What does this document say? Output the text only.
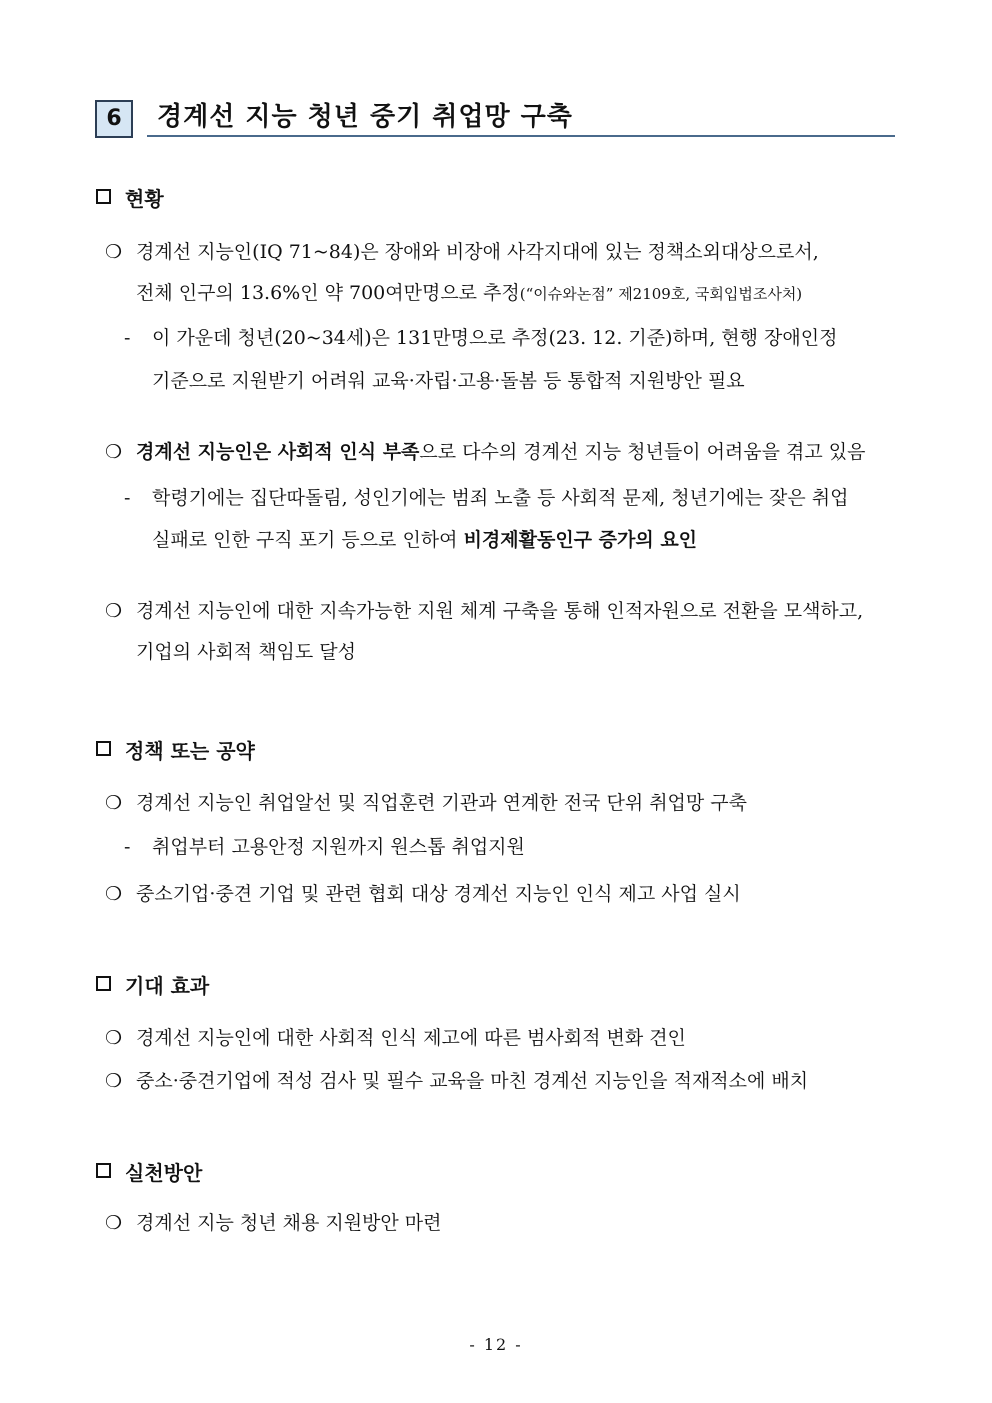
6	경계선 지능 청년 중기 취업망 구축
현황
❍ 경계선 지능인(IQ 71~84)은 장애와 비장애 사각지대에 있는 정책소외대상으로서,
전체 인구의 13.6%인 약 700여만명으로 추정(“이슈와논점” 제2109호, 국회입법조사처)
- 이 가운데 청년(20~34세)은 131만명으로 추정(23. 12. 기준)하며, 현행 장애인정
기준으로 지원받기 어려워 교육·자립·고용·돌봄 등 통합적 지원방안 필요
❍ 경계선 지능인은 사회적 인식 부족으로 다수의 경계선 지능 청년들이 어려움을 겪고 있음
- 학령기에는 집단따돌림, 성인기에는 범죄 노출 등 사회적 문제, 청년기에는 잦은 취업
실패로 인한 구직 포기 등으로 인하여 비경제활동인구 증가의 요인
❍ 경계선 지능인에 대한 지속가능한 지원 체계 구축을 통해 인적자원으로 전환을 모색하고,
기업의 사회적 책임도 달성
정책 또는 공약
❍ 경계선 지능인 취업알선 및 직업훈련 기관과 연계한 전국 단위 취업망 구축
- 취업부터 고용안정 지원까지 원스톱 취업지원
❍ 중소기업·중견 기업 및 관련 협회 대상 경계선 지능인 인식 제고 사업 실시
기대 효과
❍ 경계선 지능인에 대한 사회적 인식 제고에 따른 범사회적 변화 견인
❍ 중소·중견기업에 적성 검사 및 필수 교육을 마친 경계선 지능인을 적재적소에 배치
실천방안
❍ 경계선 지능 청년 채용 지원방안 마련
- 12 -
